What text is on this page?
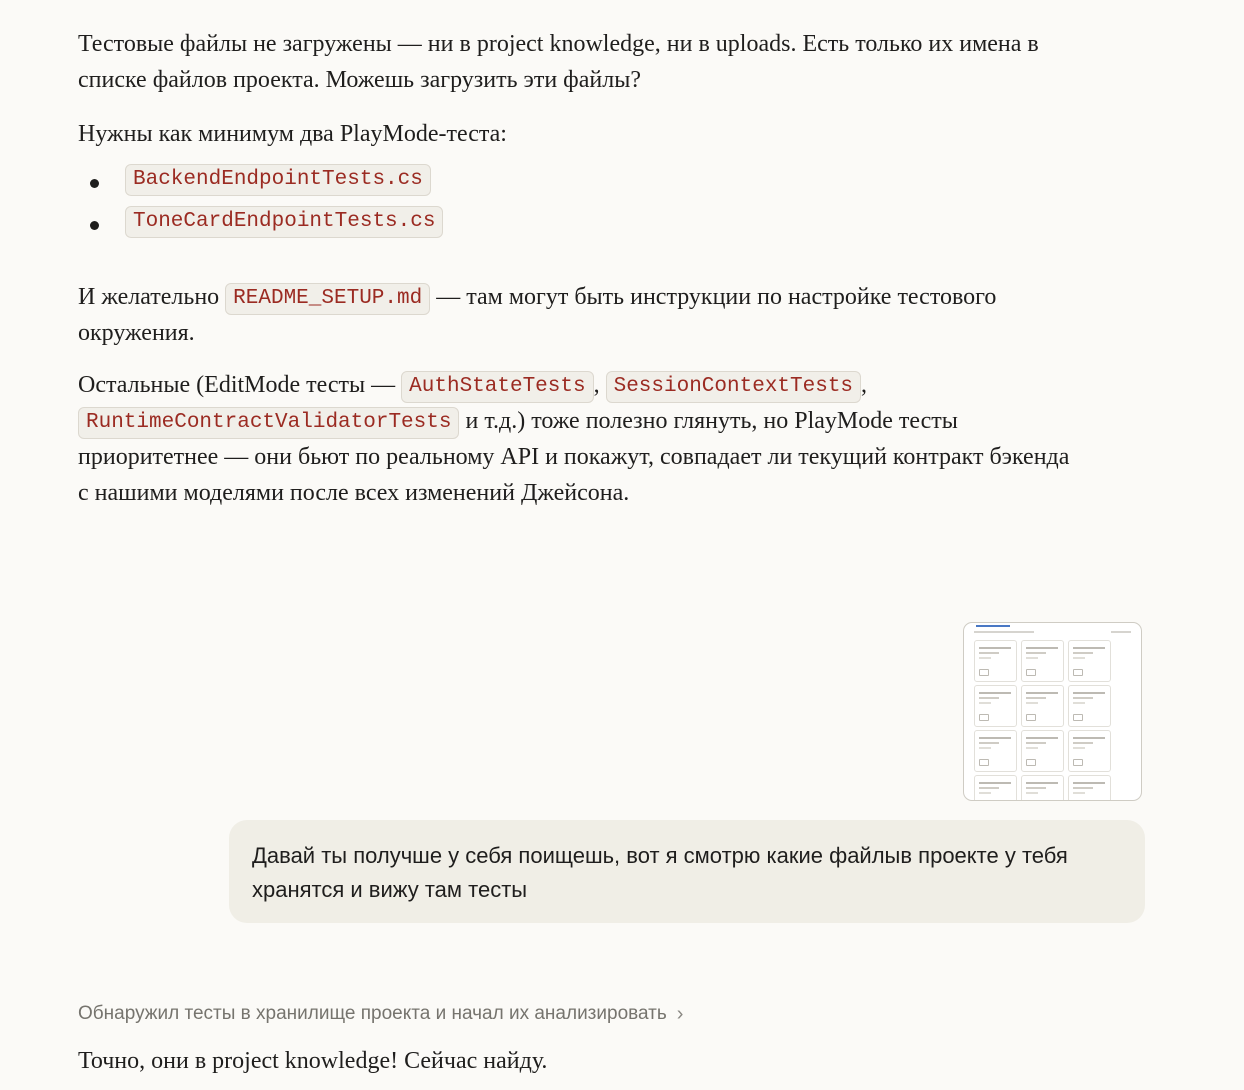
Тестовые файлы не загружены — ни в project knowledge, ни в uploads. Есть только их имена в списке файлов проекта. Можешь загрузить эти файлы?

Нужны как минимум два PlayMode-теста:

BackendEndpointTests.cs
ToneCardEndpointTests.cs

И желательно README_SETUP.md — там могут быть инструкции по настройке тестового окружения.

Остальные (EditMode тесты — AuthStateTests , SessionContextTests , RuntimeContractValidatorTests и т.д.) тоже полезно глянуть, но PlayMode тесты приоритетнее — они бьют по реальному API и покажут, совпадает ли текущий контракт бэкенда с нашими моделями после всех изменений Джейсона.

Давай ты получше у себя поищешь, вот я смотрю какие файлыв проекте у тебя хранятся и вижу там тесты
Обнаружил тесты в хранилище проекта и начал их анализировать ›

Точно, они в project knowledge! Сейчас найду.
